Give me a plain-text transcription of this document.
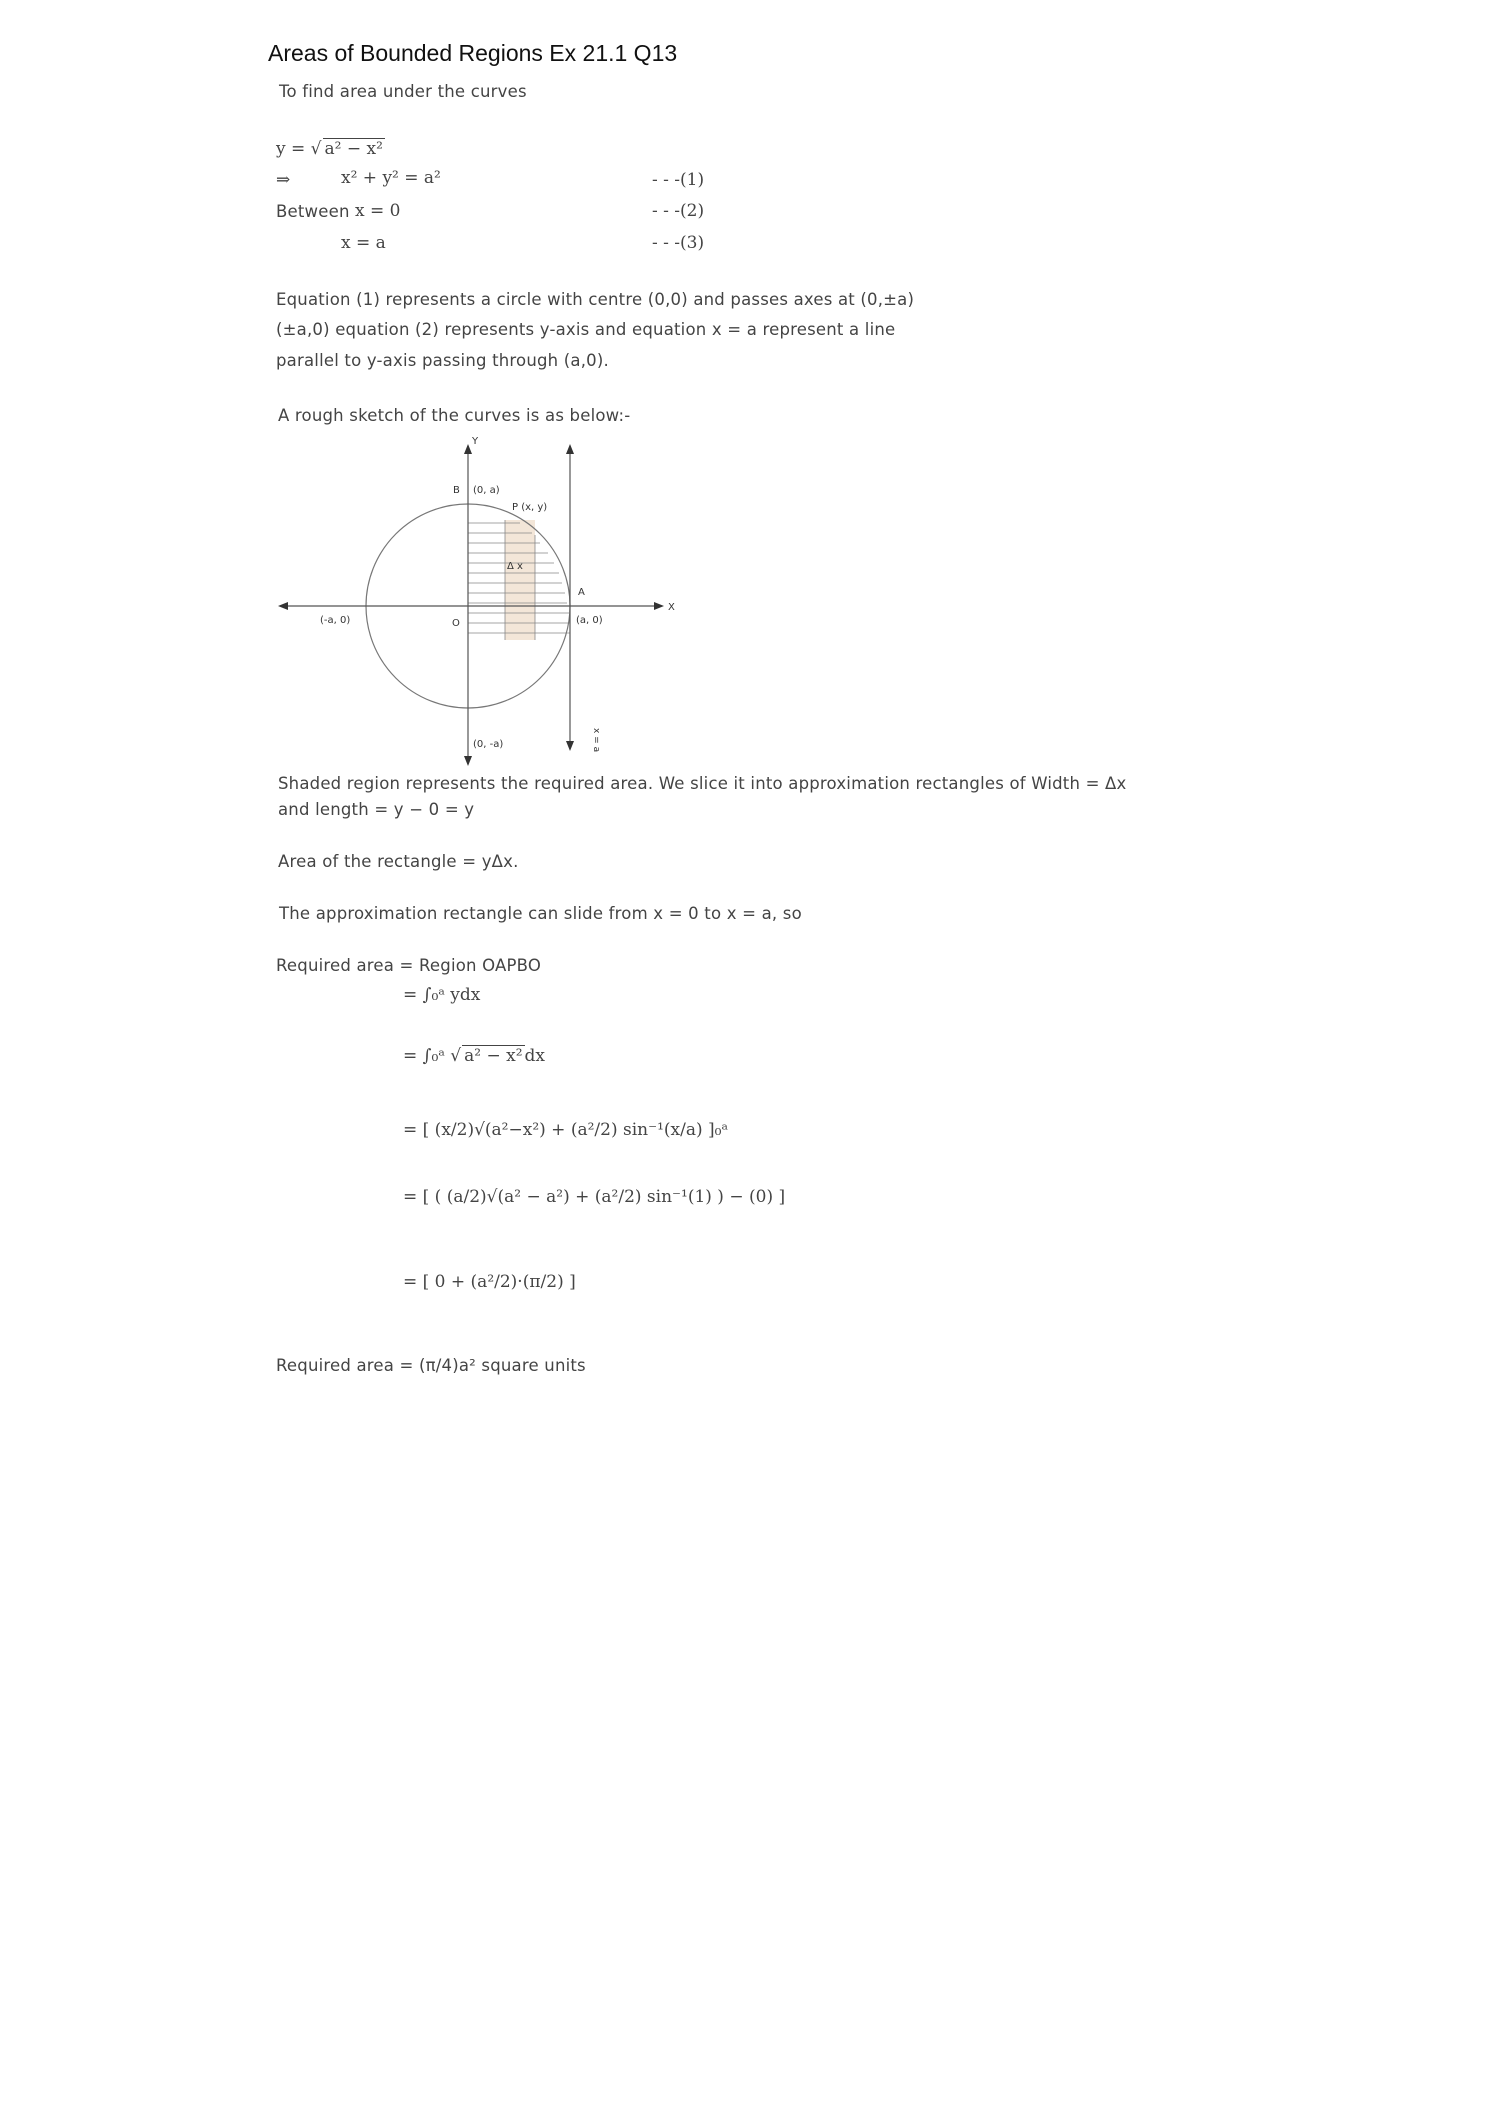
Areas of Bounded Regions Ex 21.1 Q13
To find area under the curves
y = √ a² − x²
⇒	x² + y² = a²	- - -(1)
Between x = 0	- - -(2)
x = a	- - -(3)
Equation (1) represents a circle with centre (0,0) and passes axes at (0,±a)
(±a,0) equation (2) represents y-axis and equation x = a represent a line
parallel to y-axis passing through (a,0).
A rough sketch of the curves is as below:-
Y
X
B (0, a)
P (x, y)
Δ x
A
(-a, 0)	O	(a, 0)
x = a
(0, -a)
Shaded region represents the required area. We slice it into approximation rectangles of Width = Δx
and length = y − 0 = y
Area of the rectangle = yΔx.
The approximation rectangle can slide from x = 0 to x = a, so
Required area = Region OAPBO
= ∫₀ᵃ ydx
= ∫₀ᵃ √ a² − x² dx
= [ (x/2)√(a²−x²) + (a²/2) sin⁻¹(x/a) ]₀ᵃ
= [ ( (a/2)√(a² − a²) + (a²/2) sin⁻¹(1) ) − (0) ]
= [ 0 + (a²/2)·(π/2) ]
Required area = (π/4)a² square units
